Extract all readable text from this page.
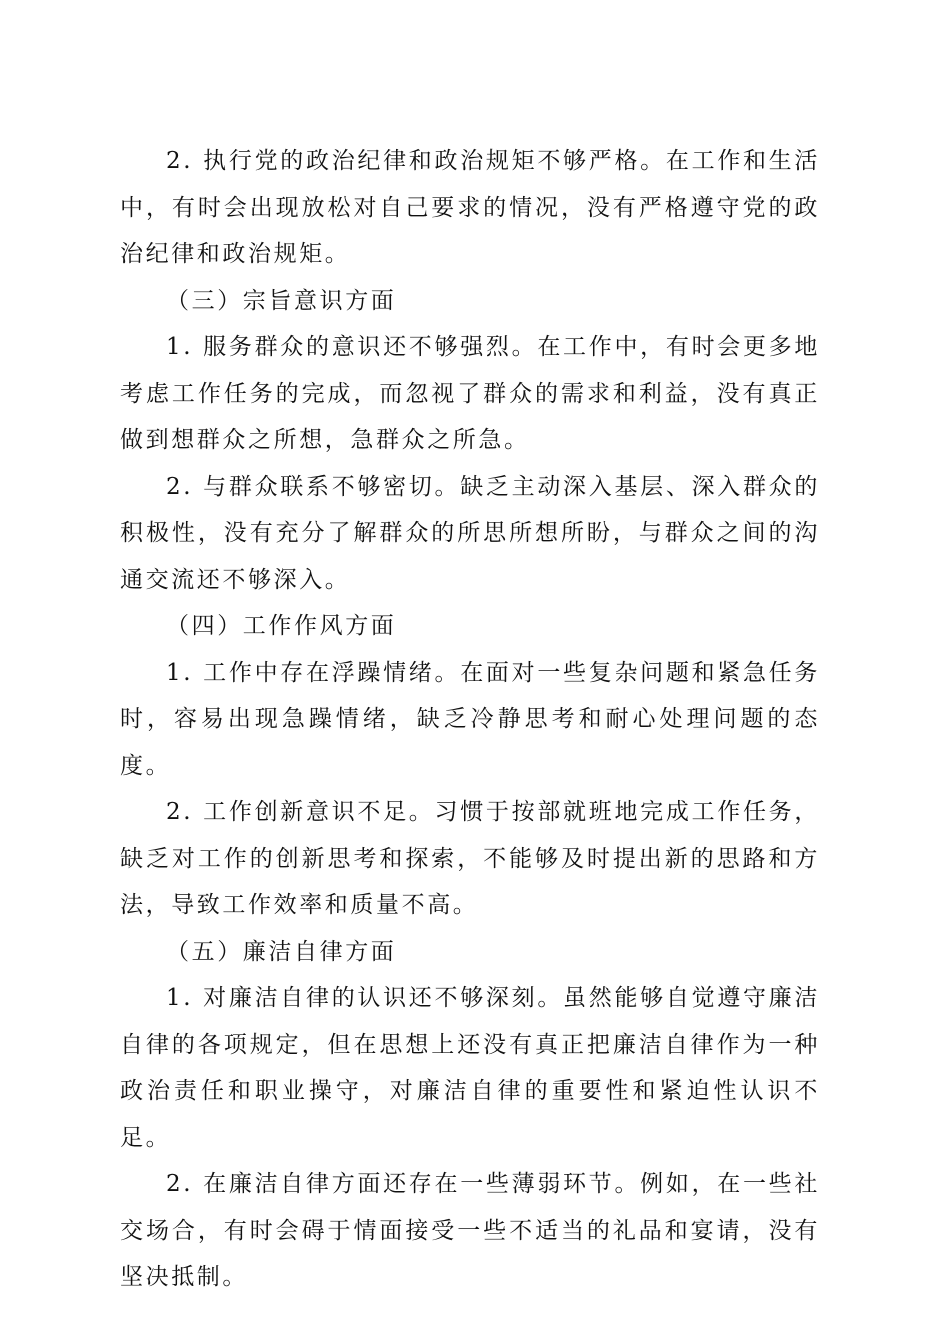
2. 执行党的政治纪律和政治规矩不够严格。在工作和生活中，有时会出现放松对自己要求的情况，没有严格遵守党的政治纪律和政治规矩。

（三）宗旨意识方面

1. 服务群众的意识还不够强烈。在工作中，有时会更多地考虑工作任务的完成，而忽视了群众的需求和利益，没有真正做到想群众之所想，急群众之所急。

2. 与群众联系不够密切。缺乏主动深入基层、深入群众的积极性，没有充分了解群众的所思所想所盼，与群众之间的沟通交流还不够深入。

（四）工作作风方面

1. 工作中存在浮躁情绪。在面对一些复杂问题和紧急任务时，容易出现急躁情绪，缺乏冷静思考和耐心处理问题的态度。

2. 工作创新意识不足。习惯于按部就班地完成工作任务，缺乏对工作的创新思考和探索，不能够及时提出新的思路和方法，导致工作效率和质量不高。

（五）廉洁自律方面

1. 对廉洁自律的认识还不够深刻。虽然能够自觉遵守廉洁自律的各项规定，但在思想上还没有真正把廉洁自律作为一种政治责任和职业操守，对廉洁自律的重要性和紧迫性认识不足。

2. 在廉洁自律方面还存在一些薄弱环节。例如，在一些社交场合，有时会碍于情面接受一些不适当的礼品和宴请，没有坚决抵制。
